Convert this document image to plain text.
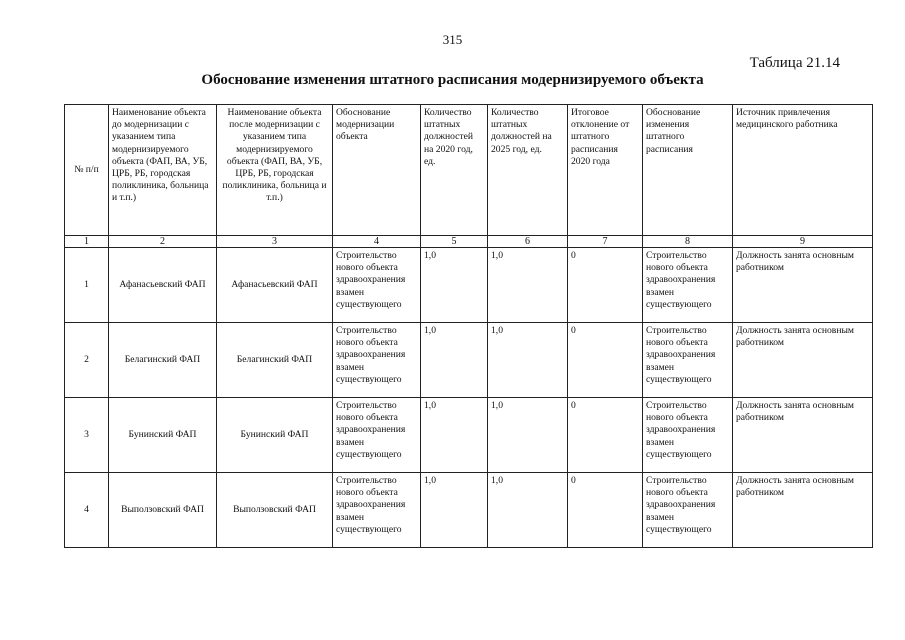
315
Таблица 21.14
Обоснование изменения штатного расписания модернизируемого объекта
№ п/п	Наименование объекта до модернизации с указанием типа модернизируемого объекта (ФАП, ВА, УБ, ЦРБ, РБ, городская поликлиника, больница и т.п.)	Наименование объекта после модернизации с указанием типа модернизируемого объекта (ФАП, ВА, УБ, ЦРБ, РБ, городская поликлиника, больница и т.п.)	Обоснование модернизации объекта	Количество штатных должностей на 2020 год, ед.	Количество штатных должностей на 2025 год, ед.	Итоговое отклонение от штатного расписания 2020 года	Обоснование изменения штатного расписания	Источник привлечения медицинского работника
1	2	3	4	5	6	7	8	9
1	Афанасьевский ФАП	Афанасьевский ФАП	Строительство нового объекта здравоохранения взамен существующего	1,0	1,0	0	Строительство нового объекта здравоохранения взамен существующего	Должность занята основным работником
2	Белагинский ФАП	Белагинский ФАП	Строительство нового объекта здравоохранения взамен существующего	1,0	1,0	0	Строительство нового объекта здравоохранения взамен существующего	Должность занята основным работником
3	Бунинский ФАП	Бунинский ФАП	Строительство нового объекта здравоохранения взамен существующего	1,0	1,0	0	Строительство нового объекта здравоохранения взамен существующего	Должность занята основным работником
4	Выползовский ФАП	Выползовский ФАП	Строительство нового объекта здравоохранения взамен существующего	1,0	1,0	0	Строительство нового объекта здравоохранения взамен существующего	Должность занята основным работником
